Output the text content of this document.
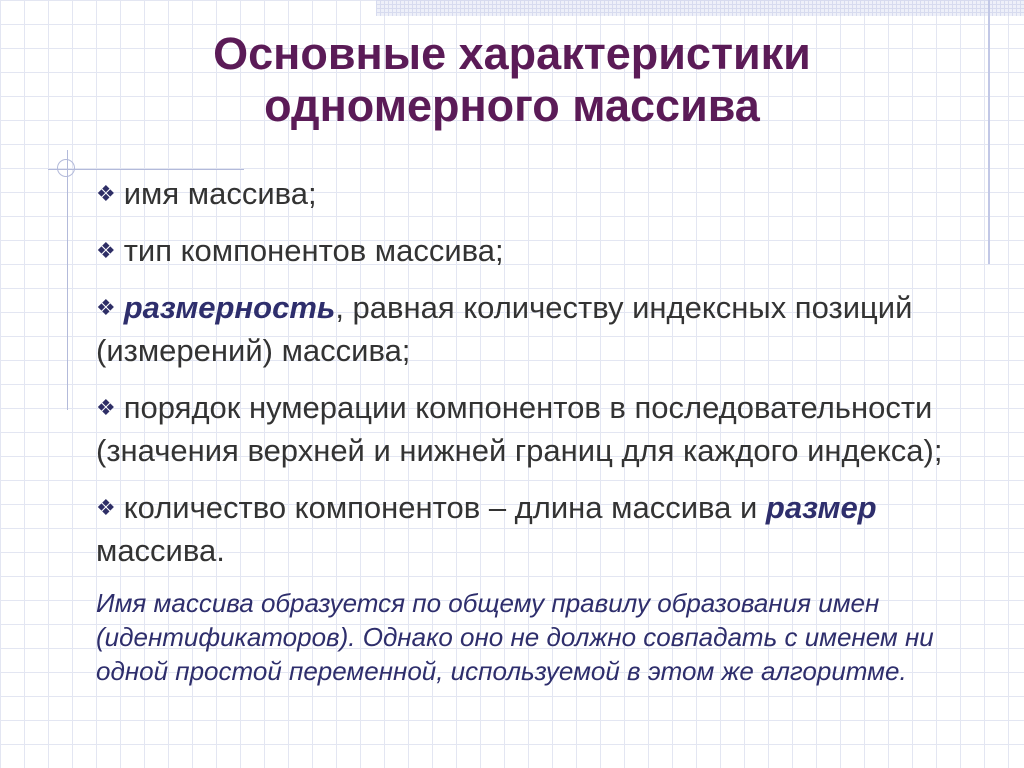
Основные характеристики
одномерного массива
❖ имя массива;
❖ тип компонентов массива;
❖ размерность, равная количеству индексных позиций (измерений) массива;
❖ порядок нумерации компонентов в последовательности (значения верхней и нижней границ для каждого индекса);
❖ количество компонентов – длина массива и размер массива.
Имя массива образуется по общему правилу образования имен (идентификаторов). Однако оно не должно совпадать с именем ни одной простой переменной, используемой в этом же алгоритме.
